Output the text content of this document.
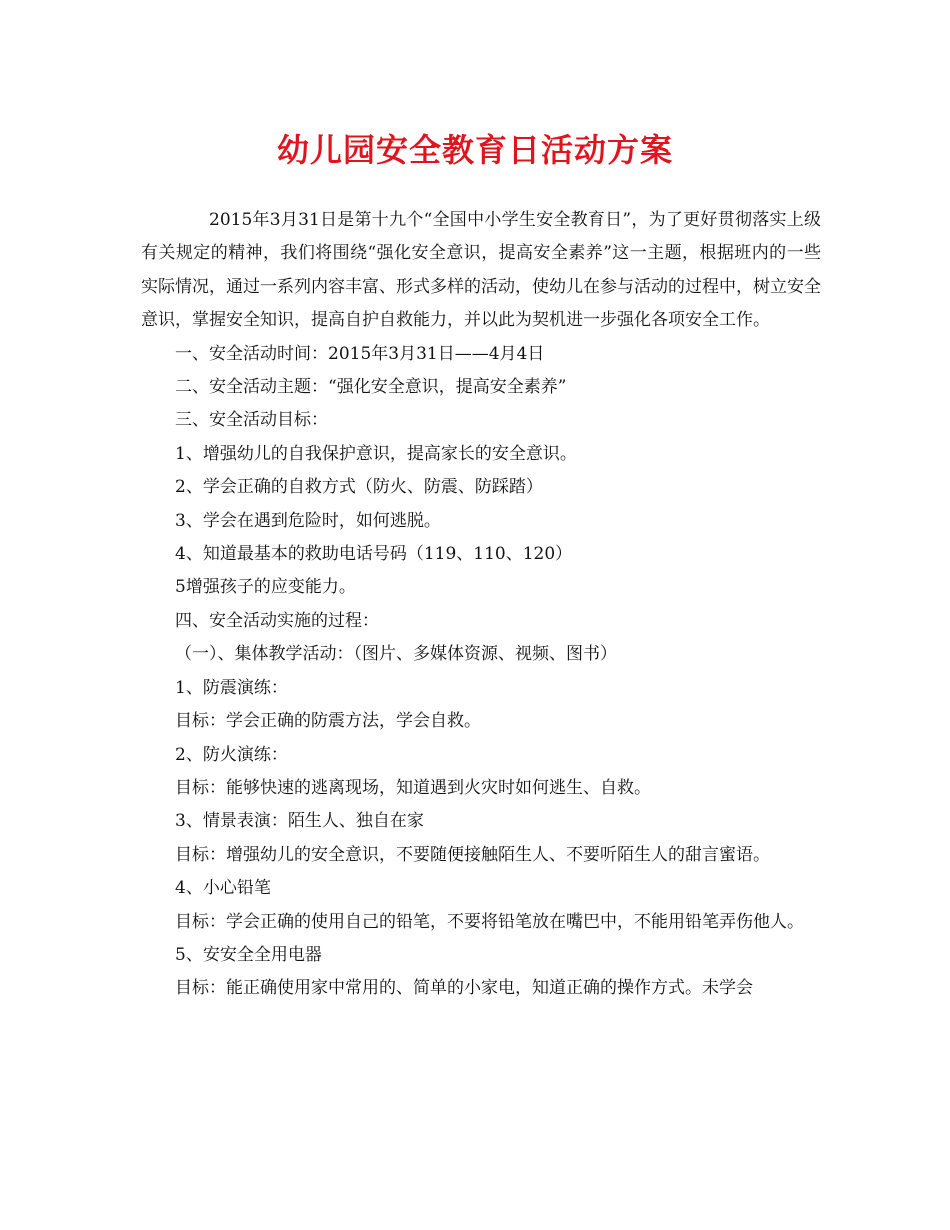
幼儿园安全教育日活动方案

2015年3月31日是第十九个“全国中小学生安全教育日”，为了更好贯彻落实上级有关规定的精神，我们将围绕“强化安全意识，提高安全素养”这一主题，根据班内的一些实际情况，通过一系列内容丰富、形式多样的活动，使幼儿在参与活动的过程中，树立安全意识，掌握安全知识，提高自护自救能力，并以此为契机进一步强化各项安全工作。

一、安全活动时间：2015年3月31日——4月4日

二、安全活动主题：“强化安全意识，提高安全素养”

三、安全活动目标：

1、增强幼儿的自我保护意识，提高家长的安全意识。

2、学会正确的自救方式（防火、防震、防踩踏）

3、学会在遇到危险时，如何逃脱。

4、知道最基本的救助电话号码（119、110、120）

5增强孩子的应变能力。

四、安全活动实施的过程：

（一）、集体教学活动：（图片、多媒体资源、视频、图书）

1、防震演练：

目标：学会正确的防震方法，学会自救。

2、防火演练：

目标：能够快速的逃离现场，知道遇到火灾时如何逃生、自救。

3、情景表演：陌生人、独自在家

目标：增强幼儿的安全意识，不要随便接触陌生人、不要听陌生人的甜言蜜语。

4、小心铅笔

目标：学会正确的使用自己的铅笔，不要将铅笔放在嘴巴中，不能用铅笔弄伤他人。

5、安安全全用电器

目标：能正确使用家中常用的、简单的小家电，知道正确的操作方式。未学会
